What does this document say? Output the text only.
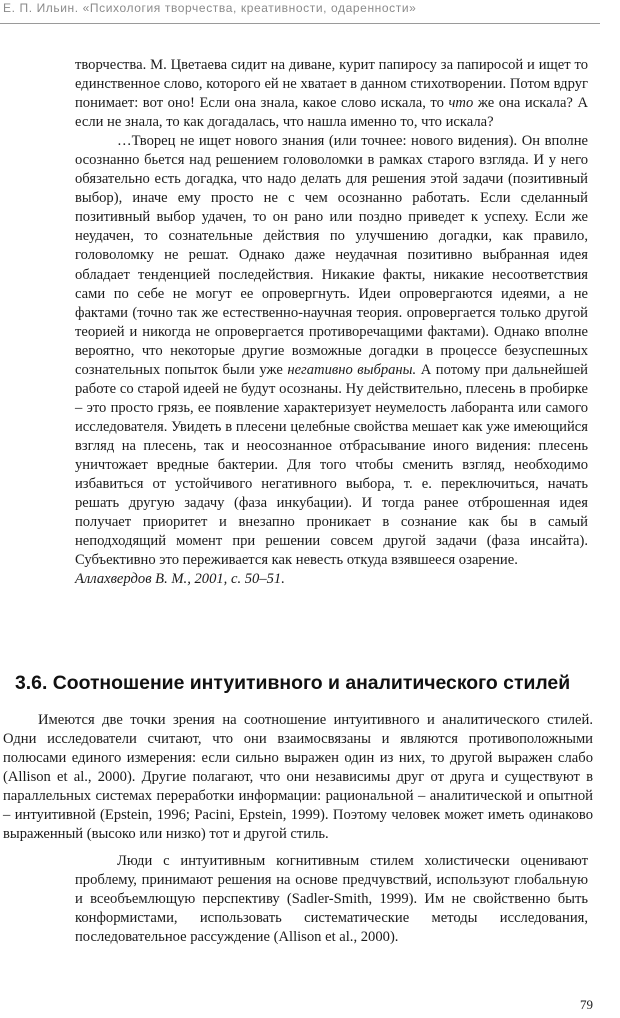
Е. П. Ильин. «Психология творчества, креативности, одаренности»

творчества. М. Цветаева сидит на диване, курит папиросу за папиросой и ищет то единственное слово, которого ей не хватает в данном стихотворении. Потом вдруг понимает: вот оно! Если она знала, какое слово искала, то что же она искала? А если не знала, то как догадалась, что нашла именно то, что искала?

…Творец не ищет нового знания (или точнее: нового видения). Он вполне осознанно бьется над решением головоломки в рамках старого взгляда. И у него обязательно есть догадка, что надо делать для решения этой задачи (позитивный выбор), иначе ему просто не с чем осознанно работать. Если сделанный позитивный выбор удачен, то он рано или поздно приведет к успеху. Если же неудачен, то сознательные действия по улучшению догадки, как правило, головоломку не решат. Однако даже неудачная позитивно выбранная идея обладает тенденцией последействия. Никакие факты, никакие несоответствия сами по себе не могут ее опровергнуть. Идеи опровергаются идеями, а не фактами (точно так же естественно-научная теория. опровергается только другой теорией и никогда не опровергается противоречащими фактами). Однако вполне вероятно, что некоторые другие возможные догадки в процессе безуспешных сознательных попыток были уже негативно выбраны. А потому при дальнейшей работе со старой идеей не будут осознаны. Ну действительно, плесень в пробирке – это просто грязь, ее появление характеризует неумелость лаборанта или самого исследователя. Увидеть в плесени целебные свойства мешает как уже имеющийся взгляд на плесень, так и неосознанное отбрасывание иного видения: плесень уничтожает вредные бактерии. Для того чтобы сменить взгляд, необходимо избавиться от устойчивого негативного выбора, т. е. переключиться, начать решать другую задачу (фаза инкубации). И тогда ранее отброшенная идея получает приоритет и внезапно проникает в сознание как бы в самый неподходящий момент при решении совсем другой задачи (фаза инсайта). Субъективно это переживается как невесть откуда взявшееся озарение.

Аллахвердов В. М., 2001, с. 50–51.

3.6. Соотношение интуитивного и аналитического стилей

Имеются две точки зрения на соотношение интуитивного и аналитического стилей. Одни исследователи считают, что они взаимосвязаны и являются противоположными полюсами единого измерения: если сильно выражен один из них, то другой выражен слабо (Allison et al., 2000). Другие полагают, что они независимы друг от друга и существуют в параллельных системах переработки информации: рациональной – аналитической и опытной – интуитивной (Epstein, 1996; Pacini, Epstein, 1999). Поэтому человек может иметь одинаково выраженный (высоко или низко) тот и другой стиль.

Люди с интуитивным когнитивным стилем холистически оценивают проблему, принимают решения на основе предчувствий, используют глобальную и всеобъемлющую перспективу (Sadler-Smith, 1999). Им не свойственно быть конформистами, использовать систематические методы исследования, последовательное рассуждение (Allison et al., 2000).

79
